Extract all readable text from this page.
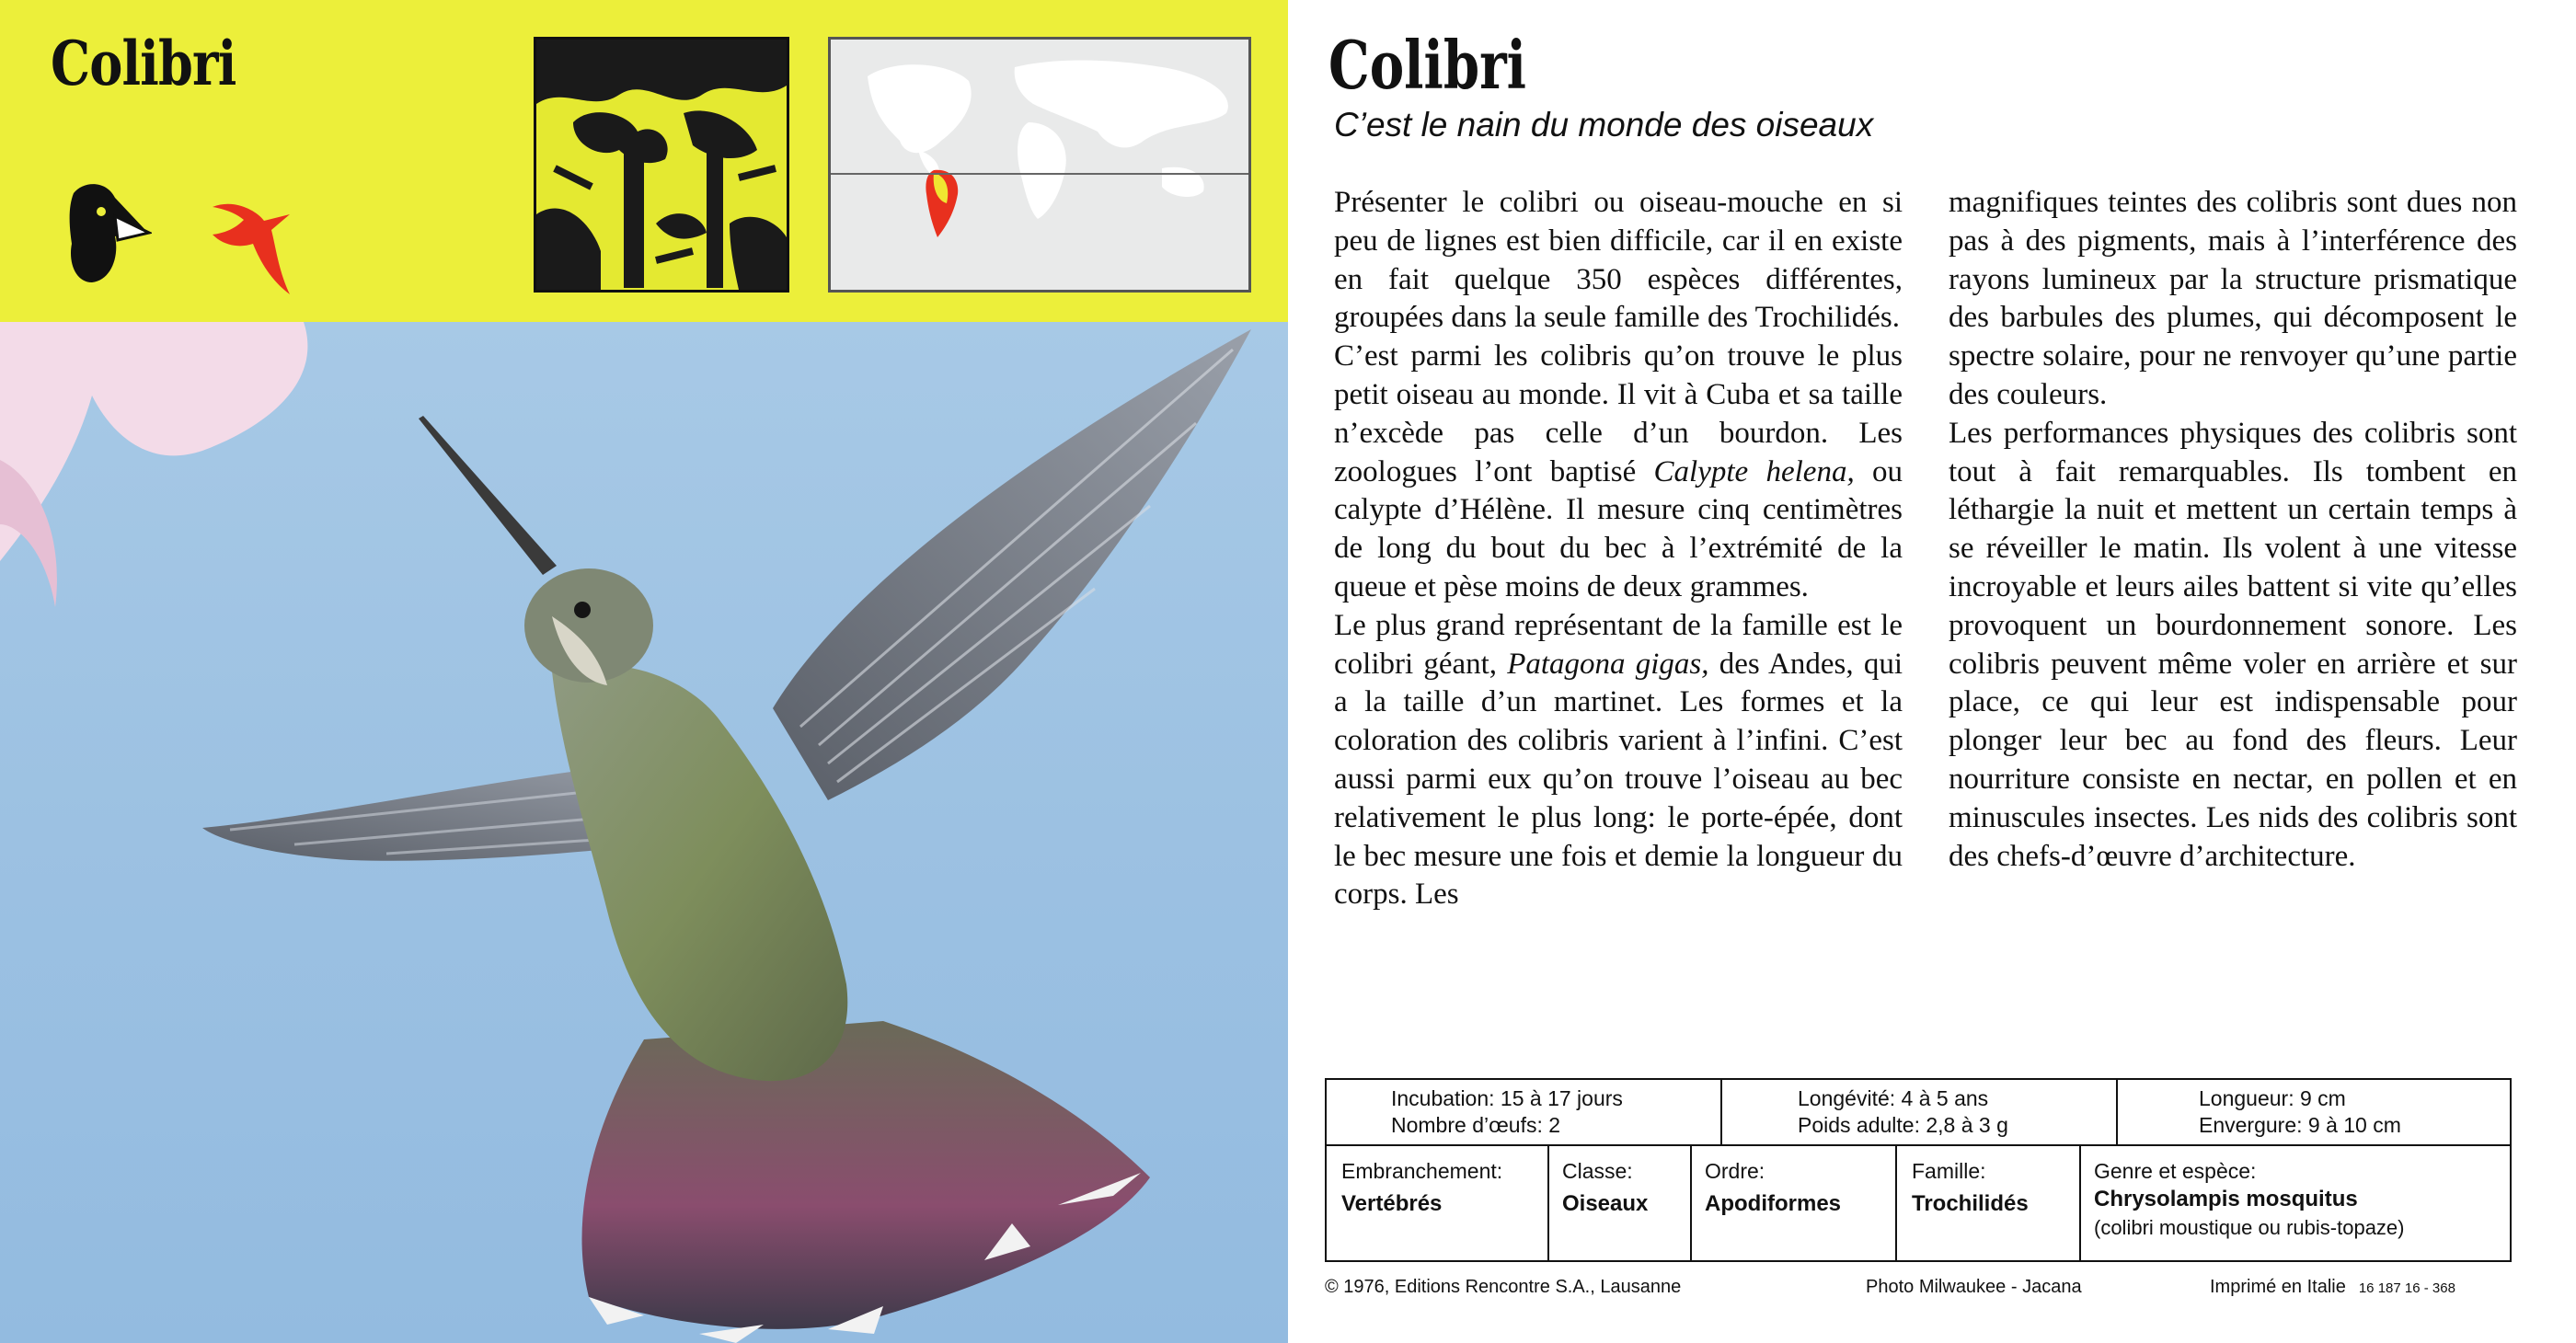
Colibri	Colibri
C’est le nain du monde des oiseaux

Présenter le colibri ou oiseau-mouche en si peu de lignes est bien difficile, car il en existe en fait quelque 350 espèces différentes, groupées dans la seule famille des Trochilidés.

C’est parmi les colibris qu’on trouve le plus petit oiseau au monde. Il vit à Cuba et sa taille n’excède pas celle d’un bourdon. Les zoologues l’ont baptisé Calypte helena, ou calypte d’Hélène. Il mesure cinq centimètres de long du bout du bec à l’extrémité de la queue et pèse moins de deux grammes.

Le plus grand représentant de la famille est le colibri géant, Patagona gigas, des Andes, qui a la taille d’un martinet. Les formes et la coloration des colibris varient à l’infini. C’est aussi parmi eux qu’on trouve l’oiseau au bec relativement le plus long: le porte-épée, dont le bec mesure une fois et demie la longueur du corps. Les

magnifiques teintes des colibris sont dues non pas à des pigments, mais à l’interférence des rayons lumineux par la structure prismatique des barbules des plumes, qui décomposent le spectre solaire, pour ne renvoyer qu’une partie des couleurs.

Les performances physiques des colibris sont tout à fait remarquables. Ils tombent en léthargie la nuit et mettent un certain temps à se réveiller le matin. Ils volent à une vitesse incroyable et leurs ailes battent si vite qu’elles provoquent un bourdonnement sonore. Les colibris peuvent même voler en arrière et sur place, ce qui leur est indispensable pour plonger leur bec au fond des fleurs. Leur nourriture consiste en nectar, en pollen et en minuscules insectes. Les nids des colibris sont des chefs-d’œuvre d’architecture.

Incubation: 15 à 17 jours
Nombre d’œufs: 2
Longévité: 4 à 5 ans
Poids adulte: 2,8 à 3 g
Longueur: 9 cm
Envergure: 9 à 10 cm
Embranchement:
Vertébrés
Classe:
Oiseaux
Ordre:
Apodiformes
Famille:
Trochilidés
Genre et espèce:
Chrysolampis mosquitus
(colibri moustique ou rubis-topaze)
© 1976, Editions Rencontre S.A., Lausanne	Photo Milwaukee - Jacana	Imprimé en Italie 16 187 16 - 368
